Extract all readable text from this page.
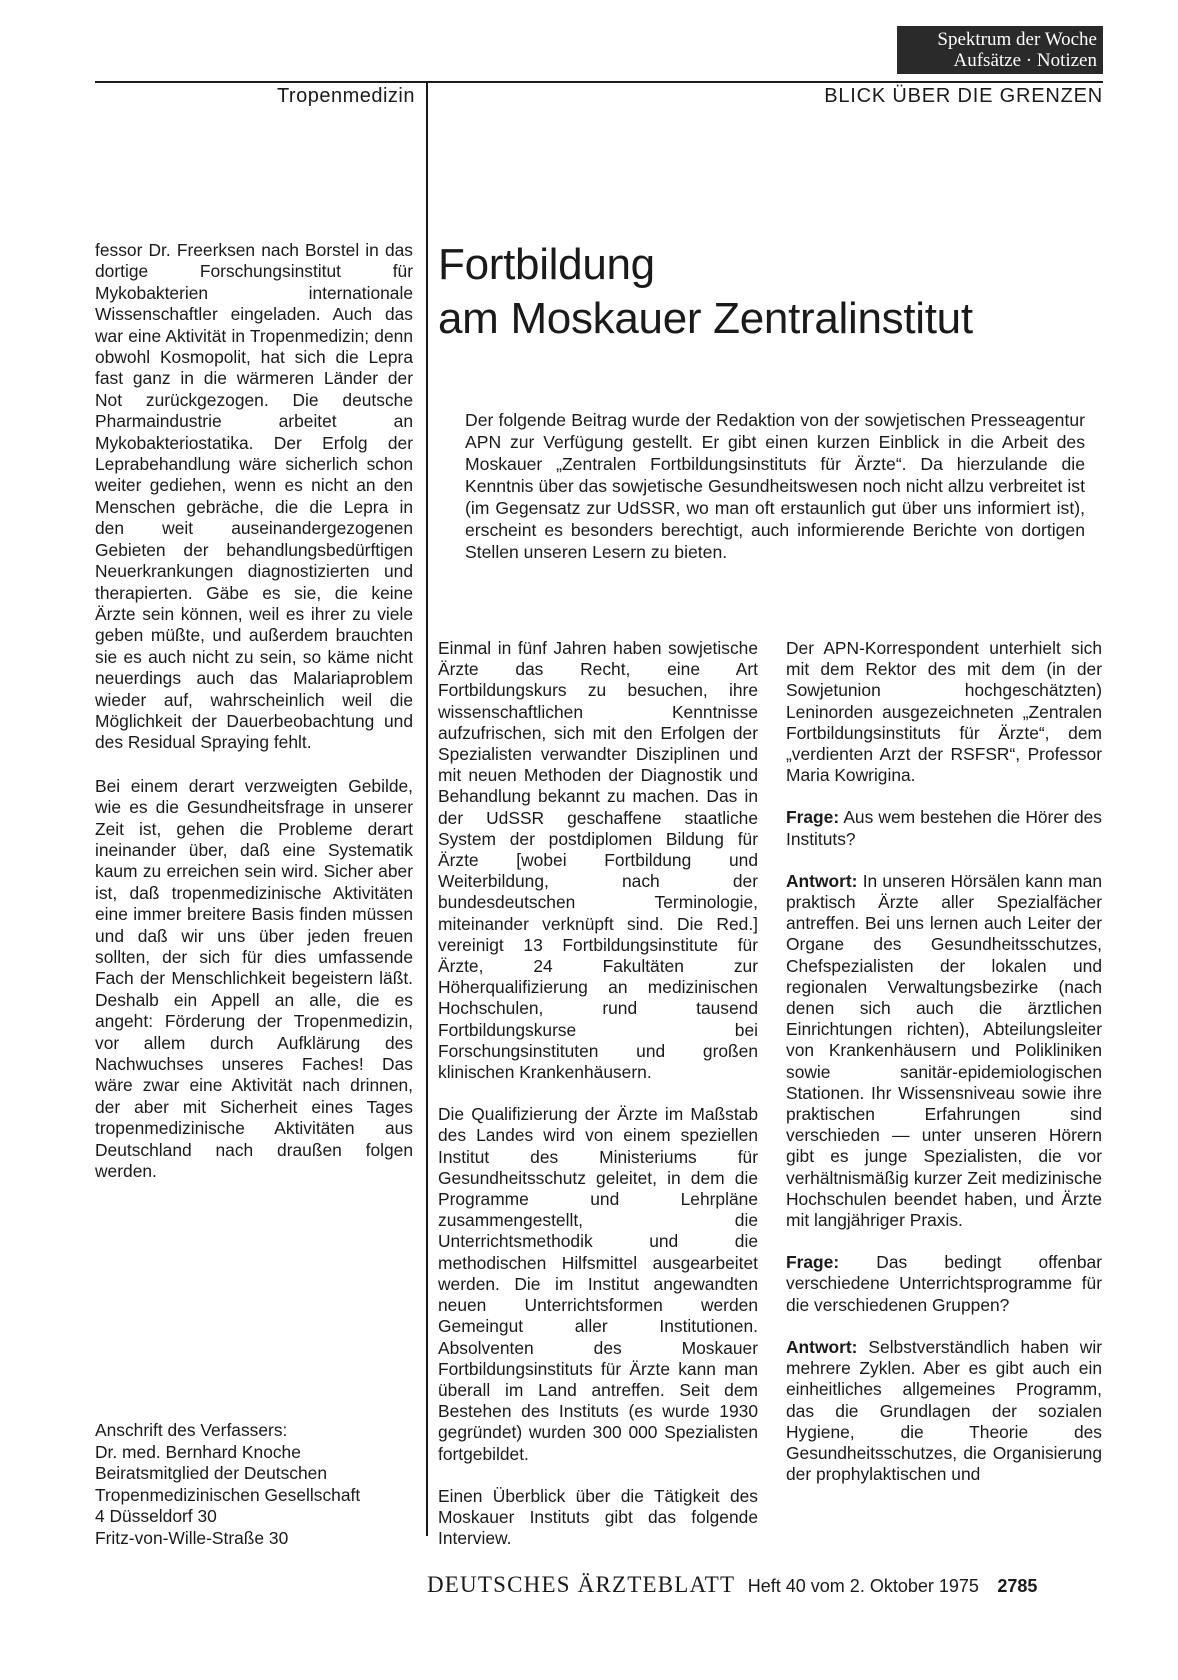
Spektrum der Woche
Aufsätze · Notizen
Tropenmedizin	BLICK ÜBER DIE GRENZEN

fessor Dr. Freerksen nach Borstel in das dortige Forschungsinstitut für Mykobakterien internationale Wissenschaftler eingeladen. Auch das war eine Aktivität in Tropenmedizin; denn obwohl Kosmopolit, hat sich die Lepra fast ganz in die wärmeren Länder der Not zurückgezogen. Die deutsche Pharmaindustrie arbeitet an Mykobakteriostatika. Der Erfolg der Leprabehandlung wäre sicherlich schon weiter gediehen, wenn es nicht an den Menschen gebräche, die die Lepra in den weit auseinandergezogenen Gebieten der behandlungsbedürftigen Neuerkrankungen diagnostizierten und therapierten. Gäbe es sie, die keine Ärzte sein können, weil es ihrer zu viele geben müßte, und außerdem brauchten sie es auch nicht zu sein, so käme nicht neuerdings auch das Malariaproblem wieder auf, wahrscheinlich weil die Möglichkeit der Dauerbeobachtung und des Residual Spraying fehlt.

Bei einem derart verzweigten Gebilde, wie es die Gesundheitsfrage in unserer Zeit ist, gehen die Probleme derart ineinander über, daß eine Systematik kaum zu erreichen sein wird. Sicher aber ist, daß tropenmedizinische Aktivitäten eine immer breitere Basis finden müssen und daß wir uns über jeden freuen sollten, der sich für dies umfassende Fach der Menschlichkeit begeistern läßt. Deshalb ein Appell an alle, die es angeht: Förderung der Tropenmedizin, vor allem durch Aufklärung des Nachwuchses unseres Faches! Das wäre zwar eine Aktivität nach drinnen, der aber mit Sicherheit eines Tages tropenmedizinische Aktivitäten aus Deutschland nach draußen folgen werden.

Anschrift des Verfassers:
Dr. med. Bernhard Knoche
Beiratsmitglied der Deutschen
Tropenmedizinischen Gesellschaft
4 Düsseldorf 30
Fritz-von-Wille-Straße 30
Fortbildung
am Moskauer Zentralinstitut
Der folgende Beitrag wurde der Redaktion von der sowjetischen Presseagentur APN zur Verfügung gestellt. Er gibt einen kurzen Einblick in die Arbeit des Moskauer „Zentralen Fortbildungsinstituts für Ärzte“. Da hierzulande die Kenntnis über das sowjetische Gesundheitswesen noch nicht allzu verbreitet ist (im Gegensatz zur UdSSR, wo man oft erstaunlich gut über uns informiert ist), erscheint es besonders berechtigt, auch informierende Berichte von dortigen Stellen unseren Lesern zu bieten.

Einmal in fünf Jahren haben sowjetische Ärzte das Recht, eine Art Fortbildungskurs zu besuchen, ihre wissenschaftlichen Kenntnisse aufzufrischen, sich mit den Erfolgen der Spezialisten verwandter Disziplinen und mit neuen Methoden der Diagnostik und Behandlung bekannt zu machen. Das in der UdSSR geschaffene staatliche System der postdiplomen Bildung für Ärzte [wobei Fortbildung und Weiterbildung, nach der bundesdeutschen Terminologie, miteinander verknüpft sind. Die Red.] vereinigt 13 Fortbildungsinstitute für Ärzte, 24 Fakultäten zur Höherqualifizierung an medizinischen Hochschulen, rund tausend Fortbildungskurse bei Forschungsinstituten und großen klinischen Krankenhäusern.

Die Qualifizierung der Ärzte im Maßstab des Landes wird von einem speziellen Institut des Ministeriums für Gesundheitsschutz geleitet, in dem die Programme und Lehrpläne zusammengestellt, die Unterrichtsmethodik und die methodischen Hilfsmittel ausgearbeitet werden. Die im Institut angewandten neuen Unterrichtsformen werden Gemeingut aller Institutionen. Absolventen des Moskauer Fortbildungsinstituts für Ärzte kann man überall im Land antreffen. Seit dem Bestehen des Instituts (es wurde 1930 gegründet) wurden 300 000 Spezialisten fortgebildet.

Einen Überblick über die Tätigkeit des Moskauer Instituts gibt das folgende Interview.

Der APN-Korrespondent unterhielt sich mit dem Rektor des mit dem (in der Sowjetunion hochgeschätzten) Leninorden ausgezeichneten „Zentralen Fortbildungsinstituts für Ärzte“, dem „verdienten Arzt der RSFSR“, Professor Maria Kowrigina.

Frage: Aus wem bestehen die Hörer des Instituts?

Antwort: In unseren Hörsälen kann man praktisch Ärzte aller Spezialfächer antreffen. Bei uns lernen auch Leiter der Organe des Gesundheitsschutzes, Chefspezialisten der lokalen und regionalen Verwaltungsbezirke (nach denen sich auch die ärztlichen Einrichtungen richten), Abteilungsleiter von Krankenhäusern und Polikliniken sowie sanitär-epidemiologischen Stationen. Ihr Wissensniveau sowie ihre praktischen Erfahrungen sind verschieden — unter unseren Hörern gibt es junge Spezialisten, die vor verhältnismäßig kurzer Zeit medizinische Hochschulen beendet haben, und Ärzte mit langjähriger Praxis.

Frage: Das bedingt offenbar verschiedene Unterrichtsprogramme für die verschiedenen Gruppen?

Antwort: Selbstverständlich haben wir mehrere Zyklen. Aber es gibt auch ein einheitliches allgemeines Programm, das die Grundlagen der sozialen Hygiene, die Theorie des Gesundheitsschutzes, die Organisierung der prophylaktischen und

DEUTSCHES ÄRZTEBLATT Heft 40 vom 2. Oktober 1975 2785
